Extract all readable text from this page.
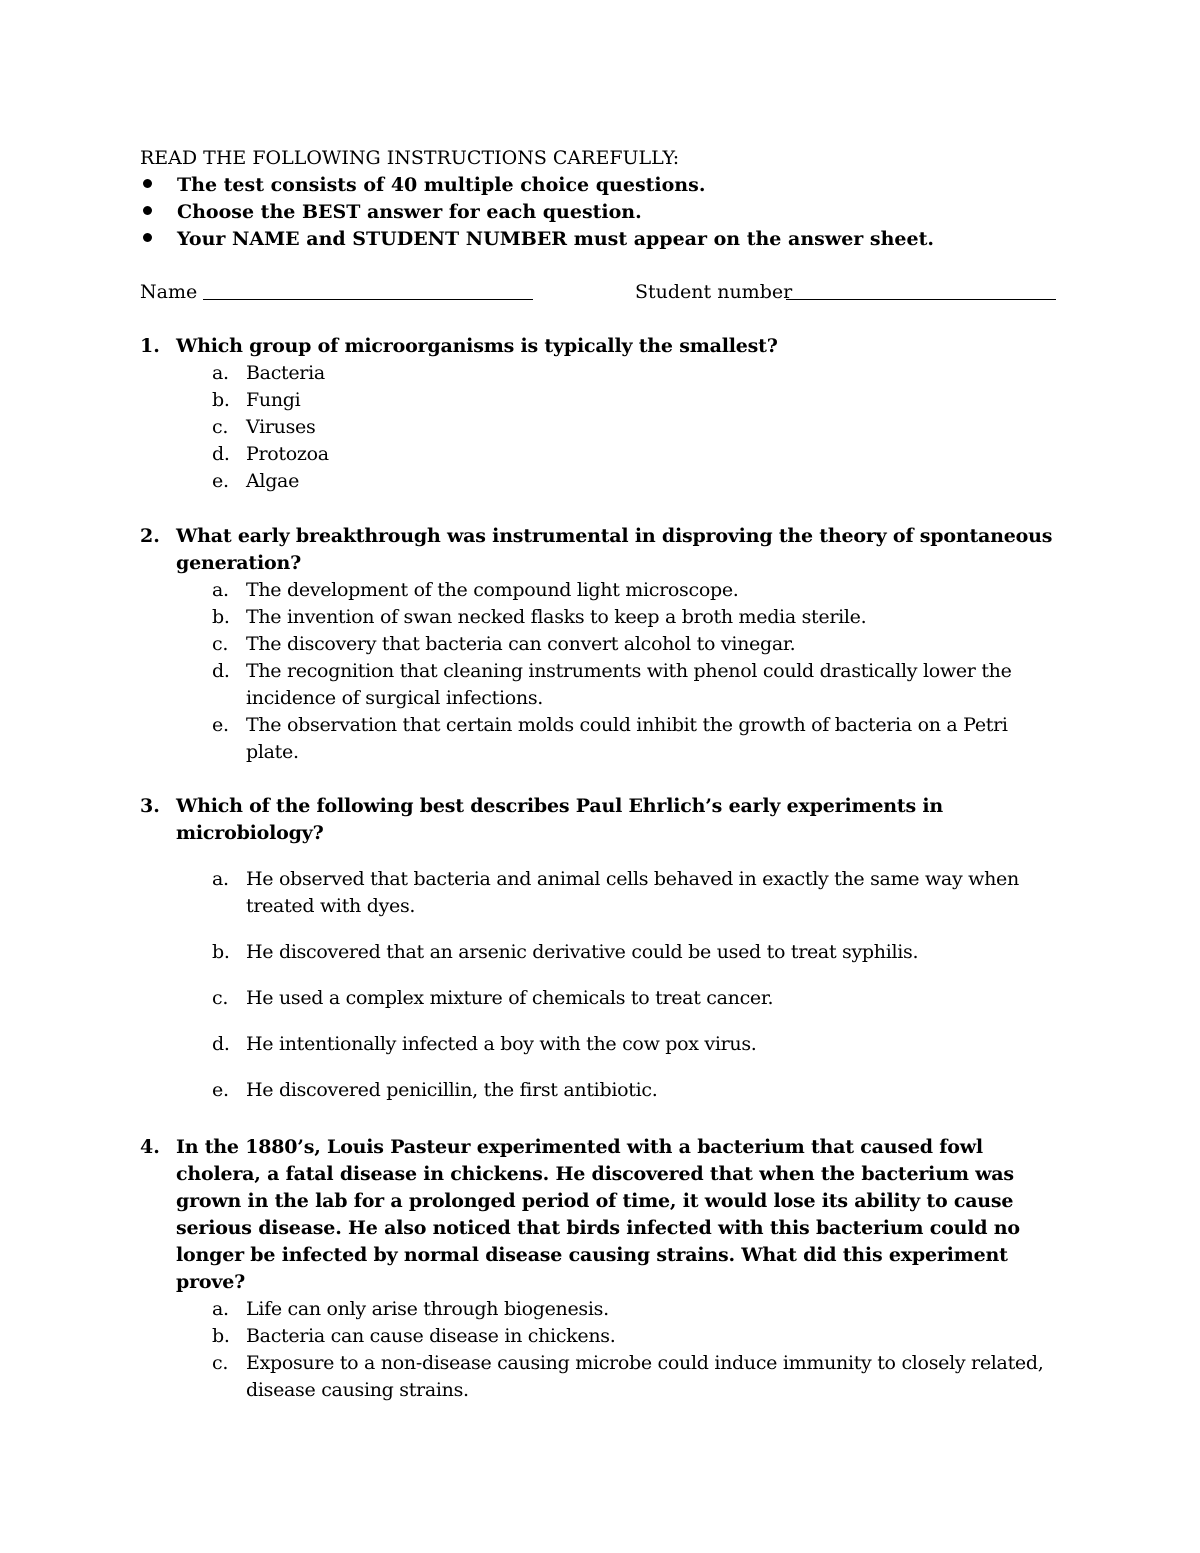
READ THE FOLLOWING INSTRUCTIONS CAREFULLY:
The test consists of 40 multiple choice questions.
Choose the BEST answer for each question.
Your NAME and STUDENT NUMBER must appear on the answer sheet.
Name	Student number
1. Which group of microorganisms is typically the smallest?
a. Bacteria
b. Fungi
c. Viruses
d. Protozoa
e. Algae
2. What early breakthrough was instrumental in disproving the theory of spontaneous generation?
a. The development of the compound light microscope.
b. The invention of swan necked flasks to keep a broth media sterile.
c. The discovery that bacteria can convert alcohol to vinegar.
d. The recognition that cleaning instruments with phenol could drastically lower the incidence of surgical infections.
e. The observation that certain molds could inhibit the growth of bacteria on a Petri plate.
3. Which of the following best describes Paul Ehrlich’s early experiments in microbiology?
a. He observed that bacteria and animal cells behaved in exactly the same way when treated with dyes.
b. He discovered that an arsenic derivative could be used to treat syphilis.
c. He used a complex mixture of chemicals to treat cancer.
d. He intentionally infected a boy with the cow pox virus.
e. He discovered penicillin, the first antibiotic.
4. In the 1880’s, Louis Pasteur experimented with a bacterium that caused fowl cholera, a fatal disease in chickens. He discovered that when the bacterium was grown in the lab for a prolonged period of time, it would lose its ability to cause serious disease. He also noticed that birds infected with this bacterium could no longer be infected by normal disease causing strains. What did this experiment prove?
a. Life can only arise through biogenesis.
b. Bacteria can cause disease in chickens.
c. Exposure to a non-disease causing microbe could induce immunity to closely related, disease causing strains.
